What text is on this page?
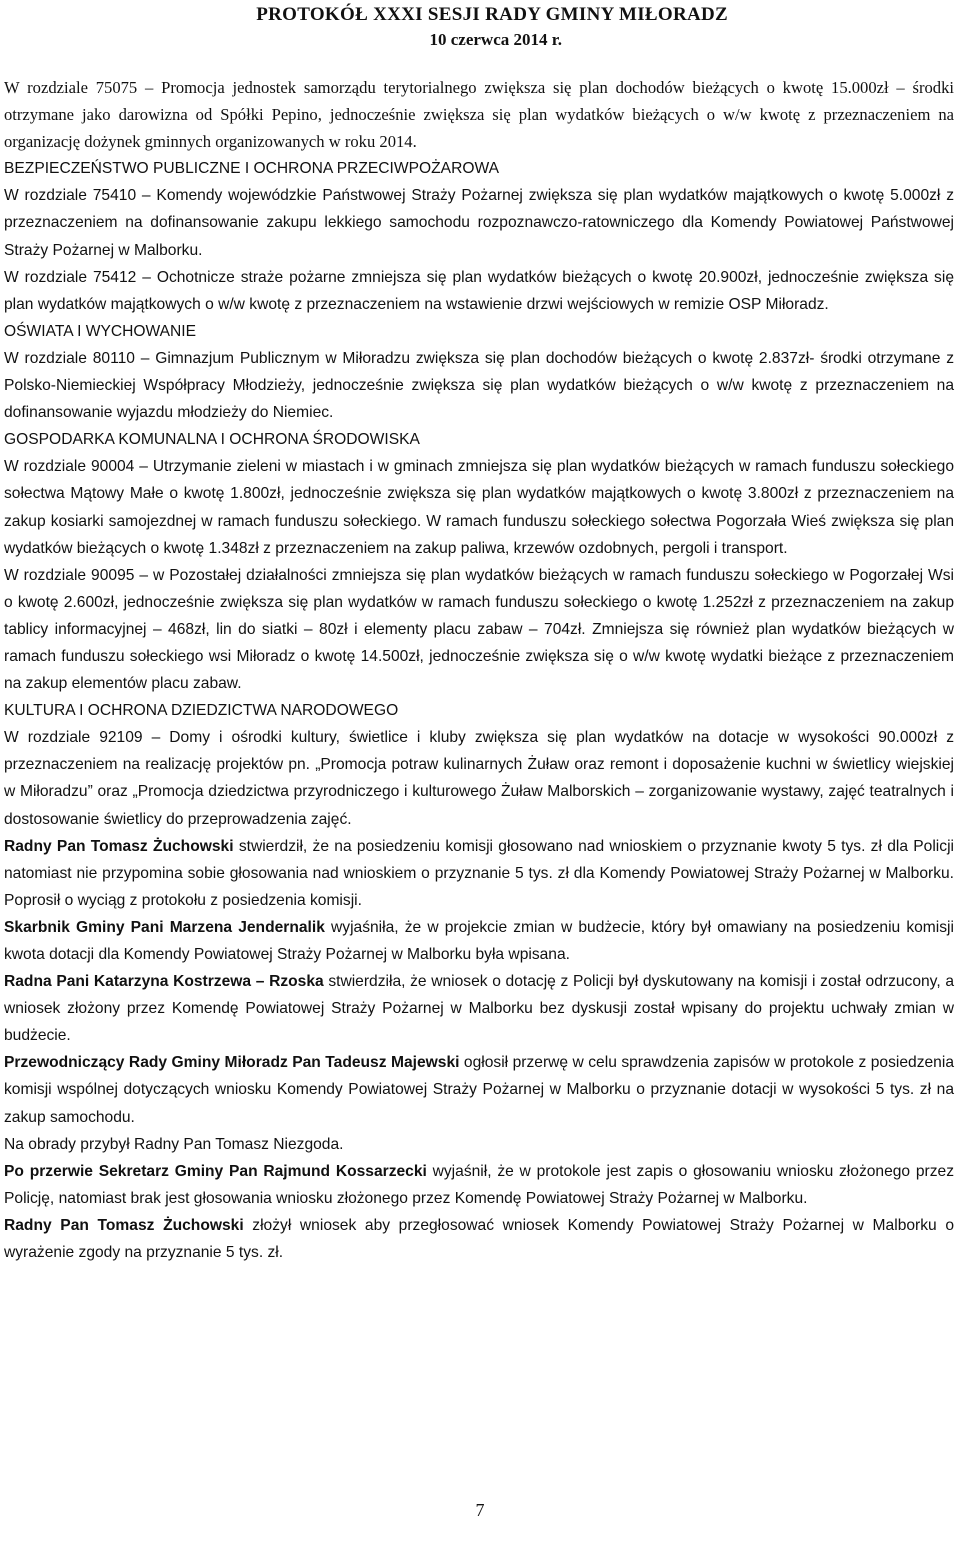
PROTOKÓŁ XXXI SESJI RADY GMINY MIŁORADZ
10 czerwca 2014 r.

W rozdziale 75075 – Promocja jednostek samorządu terytorialnego zwiększa się plan dochodów bieżących o kwotę 15.000zł – środki otrzymane jako darowizna od Spółki Pepino, jednocześnie zwiększa się plan wydatków bieżących o w/w kwotę z przeznaczeniem na organizację dożynek gminnych organizowanych w roku 2014.

BEZPIECZEŃSTWO PUBLICZNE I OCHRONA PRZECIWPOŻAROWA

W rozdziale 75410 – Komendy wojewódzkie Państwowej Straży Pożarnej zwiększa się plan wydatków majątkowych o kwotę 5.000zł z przeznaczeniem na dofinansowanie zakupu lekkiego samochodu rozpoznawczo-ratowniczego dla Komendy Powiatowej Państwowej Straży Pożarnej w Malborku.

W rozdziale 75412 – Ochotnicze straże pożarne zmniejsza się plan wydatków bieżących o kwotę 20.900zł, jednocześnie zwiększa się plan wydatków majątkowych o w/w kwotę z przeznaczeniem na wstawienie drzwi wejściowych w remizie OSP Miłoradz.

OŚWIATA I WYCHOWANIE

W rozdziale 80110 – Gimnazjum Publicznym w Miłoradzu zwiększa się plan dochodów bieżących o kwotę 2.837zł- środki otrzymane z Polsko-Niemieckiej Współpracy Młodzieży, jednocześnie zwiększa się plan wydatków bieżących o w/w kwotę z przeznaczeniem na dofinansowanie wyjazdu młodzieży do Niemiec.

GOSPODARKA KOMUNALNA I OCHRONA ŚRODOWISKA

W rozdziale 90004 – Utrzymanie zieleni w miastach i w gminach zmniejsza się plan wydatków bieżących w ramach funduszu sołeckiego sołectwa Mątowy Małe o kwotę 1.800zł, jednocześnie zwiększa się plan wydatków majątkowych o kwotę 3.800zł z przeznaczeniem na zakup kosiarki samojezdnej w ramach funduszu sołeckiego. W ramach funduszu sołeckiego sołectwa Pogorzała Wieś zwiększa się plan wydatków bieżących o kwotę 1.348zł z przeznaczeniem na zakup paliwa, krzewów ozdobnych, pergoli i transport.

W rozdziale 90095 – w Pozostałej działalności zmniejsza się plan wydatków bieżących w ramach funduszu sołeckiego w Pogorzałej Wsi o kwotę 2.600zł, jednocześnie zwiększa się plan wydatków w ramach funduszu sołeckiego o kwotę 1.252zł z przeznaczeniem na zakup tablicy informacyjnej – 468zł, lin do siatki – 80zł i elementy placu zabaw – 704zł. Zmniejsza się również plan wydatków bieżących w ramach funduszu sołeckiego wsi Miłoradz o kwotę 14.500zł, jednocześnie zwiększa się o w/w kwotę wydatki bieżące z przeznaczeniem na zakup elementów placu zabaw.

KULTURA I OCHRONA DZIEDZICTWA NARODOWEGO

W rozdziale 92109 – Domy i ośrodki kultury, świetlice i kluby zwiększa się plan wydatków na dotacje w wysokości 90.000zł z przeznaczeniem na realizację projektów pn. „Promocja potraw kulinarnych Żuław oraz remont i doposażenie kuchni w świetlicy wiejskiej w Miłoradzu” oraz „Promocja dziedzictwa przyrodniczego i kulturowego Żuław Malborskich – zorganizowanie wystawy, zajęć teatralnych i dostosowanie świetlicy do przeprowadzenia zajęć.

Radny Pan Tomasz Żuchowski stwierdził, że na posiedzeniu komisji głosowano nad wnioskiem o przyznanie kwoty 5 tys. zł dla Policji natomiast nie przypomina sobie głosowania nad wnioskiem o przyznanie 5 tys. zł dla Komendy Powiatowej Straży Pożarnej w Malborku. Poprosił o wyciąg z protokołu z posiedzenia komisji.

Skarbnik Gminy Pani Marzena Jendernalik wyjaśniła, że w projekcie zmian w budżecie, który był omawiany na posiedzeniu komisji kwota dotacji dla Komendy Powiatowej Straży Pożarnej w Malborku była wpisana.

Radna Pani Katarzyna Kostrzewa – Rzoska stwierdziła, że wniosek o dotację z Policji był dyskutowany na komisji i został odrzucony, a wniosek złożony przez Komendę Powiatowej Straży Pożarnej w Malborku bez dyskusji został wpisany do projektu uchwały zmian w budżecie.

Przewodniczący Rady Gminy Miłoradz Pan Tadeusz Majewski ogłosił przerwę w celu sprawdzenia zapisów w protokole z posiedzenia komisji wspólnej dotyczących wniosku Komendy Powiatowej Straży Pożarnej w Malborku o przyznanie dotacji w wysokości 5 tys. zł na zakup samochodu.

Na obrady przybył Radny Pan Tomasz Niezgoda.

Po przerwie Sekretarz Gminy Pan Rajmund Kossarzecki wyjaśnił, że w protokole jest zapis o głosowaniu wniosku złożonego przez Policję, natomiast brak jest głosowania wniosku złożonego przez Komendę Powiatowej Straży Pożarnej w Malborku.

Radny Pan Tomasz Żuchowski złożył wniosek aby przegłosować wniosek Komendy Powiatowej Straży Pożarnej w Malborku o wyrażenie zgody na przyznanie 5 tys. zł.

7
